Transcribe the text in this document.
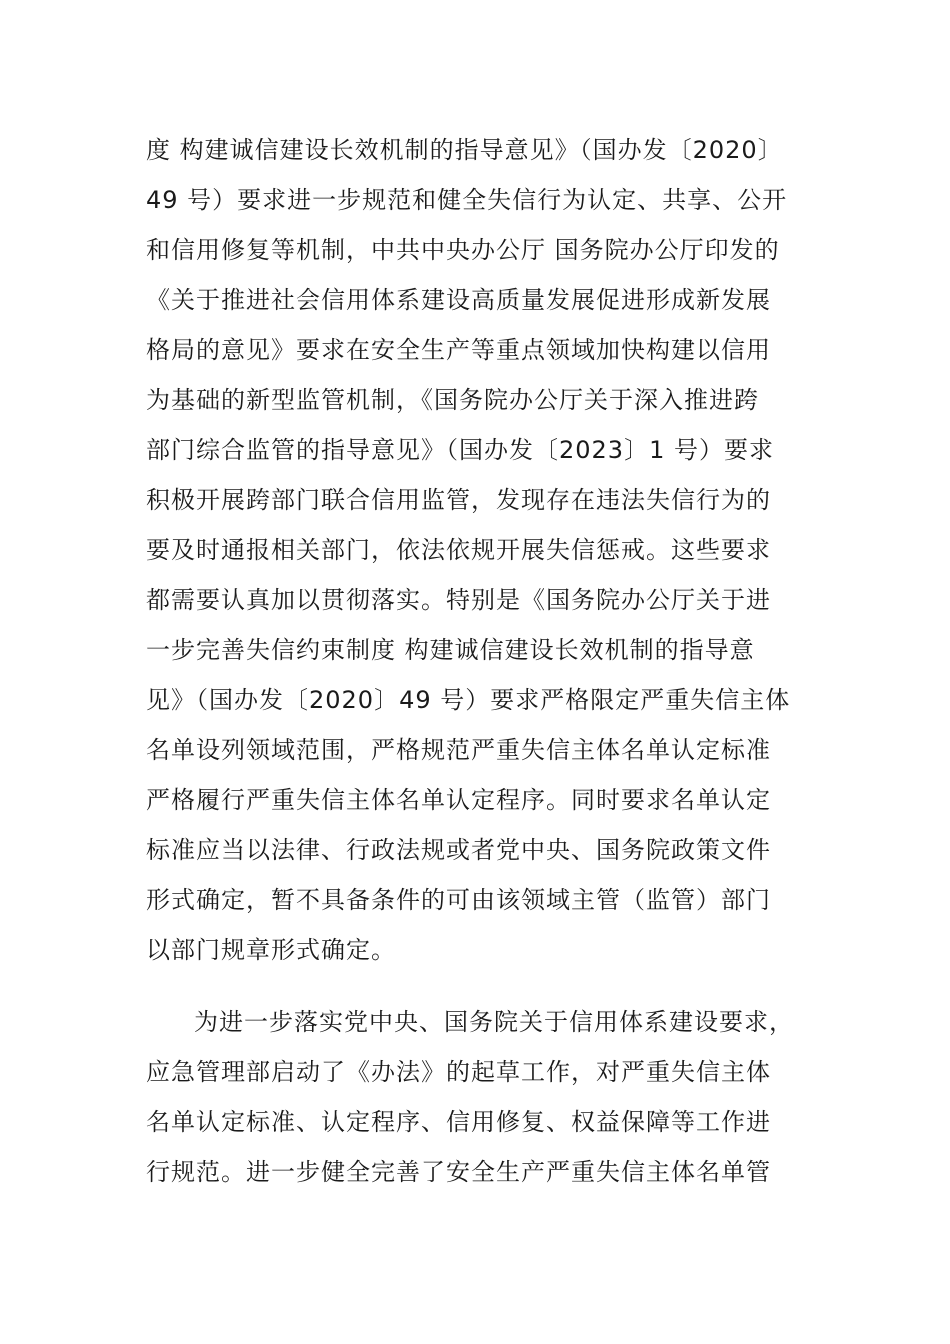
度 构建诚信建设长效机制的指导意见》（国办发〔2020〕
49 号）要求进一步规范和健全失信行为认定、共享、公开
和信用修复等机制，中共中央办公厅 国务院办公厅印发的
《关于推进社会信用体系建设高质量发展促进形成新发展
格局的意见》要求在安全生产等重点领域加快构建以信用
为基础的新型监管机制，《国务院办公厅关于深入推进跨
部门综合监管的指导意见》（国办发〔2023〕1 号）要求
积极开展跨部门联合信用监管，发现存在违法失信行为的
要及时通报相关部门，依法依规开展失信惩戒。这些要求
都需要认真加以贯彻落实。特别是《国务院办公厅关于进
一步完善失信约束制度 构建诚信建设长效机制的指导意
见》（国办发〔2020〕49 号）要求严格限定严重失信主体
名单设列领域范围，严格规范严重失信主体名单认定标准
严格履行严重失信主体名单认定程序。同时要求名单认定
标准应当以法律、行政法规或者党中央、国务院政策文件
形式确定，暂不具备条件的可由该领域主管（监管）部门
以部门规章形式确定。
为进一步落实党中央、国务院关于信用体系建设要求，
应急管理部启动了《办法》的起草工作，对严重失信主体
名单认定标准、认定程序、信用修复、权益保障等工作进
行规范。进一步健全完善了安全生产严重失信主体名单管
